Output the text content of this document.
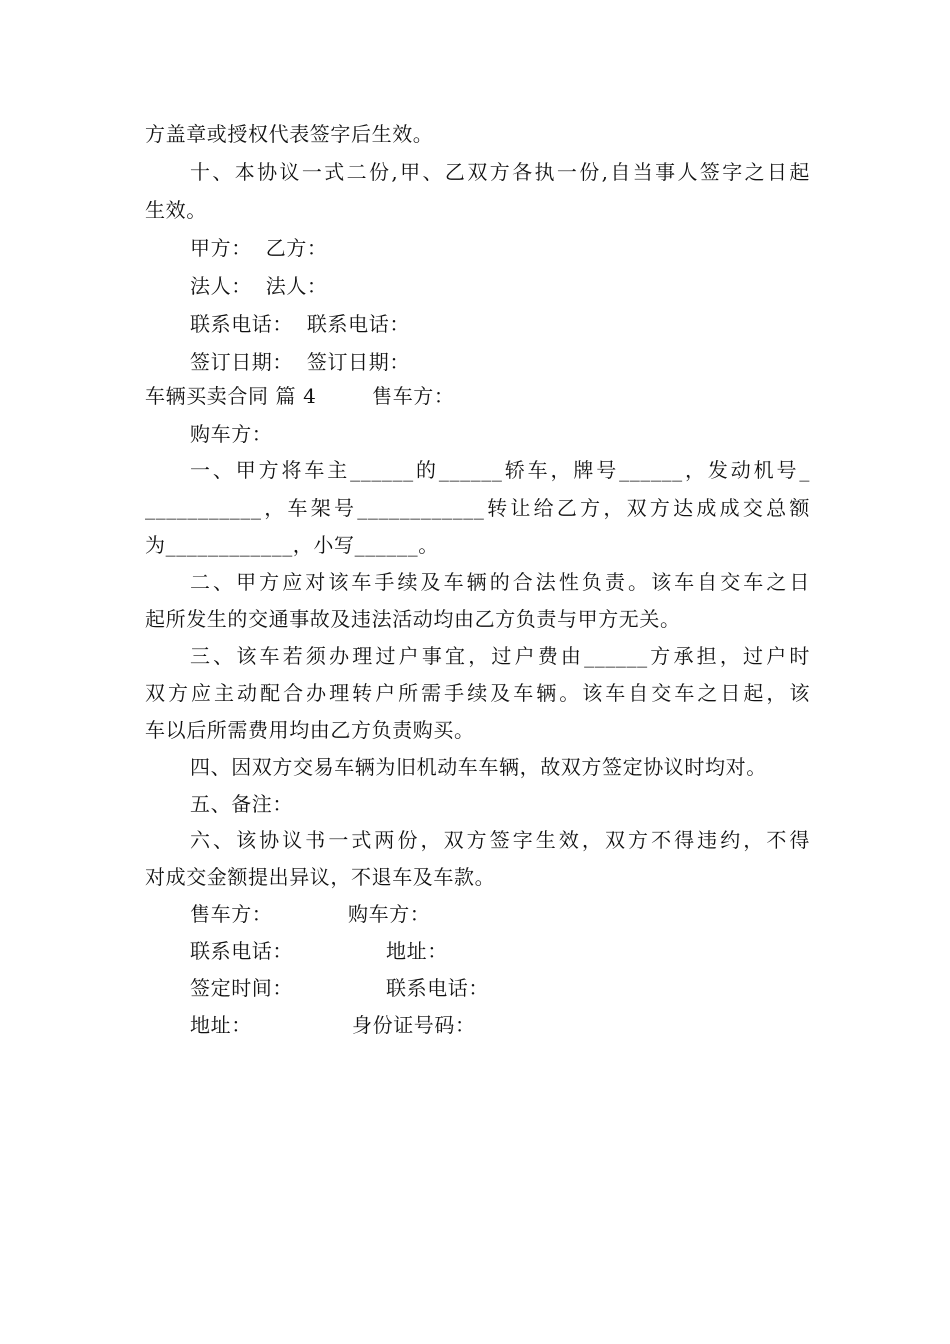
方盖章或授权代表签字后生效。
十、本协议一式二份,甲、乙双方各执一份,自当事人签字之日起
生效。
甲方：  乙方：
法人：  法人：
联系电话：  联系电话：
签订日期：  签订日期：
车辆买卖合同 篇 4        售车方：
购车方：
一、甲方将车主______的______轿车，牌号______，发动机号_
___________，车架号____________转让给乙方，双方达成成交总额
为____________，小写______。
二、甲方应对该车手续及车辆的合法性负责。该车自交车之日
起所发生的交通事故及违法活动均由乙方负责与甲方无关。
三、该车若须办理过户事宜，过户费由______方承担，过户时
双方应主动配合办理转户所需手续及车辆。该车自交车之日起，该
车以后所需费用均由乙方负责购买。
四、因双方交易车辆为旧机动车车辆，故双方签定协议时均对。
五、备注：
六、该协议书一式两份，双方签字生效，双方不得违约，不得
对成交金额提出异议，不退车及车款。
售车方：	购车方：
联系电话：	地址：
签定时间：	联系电话：
地址：	身份证号码：
